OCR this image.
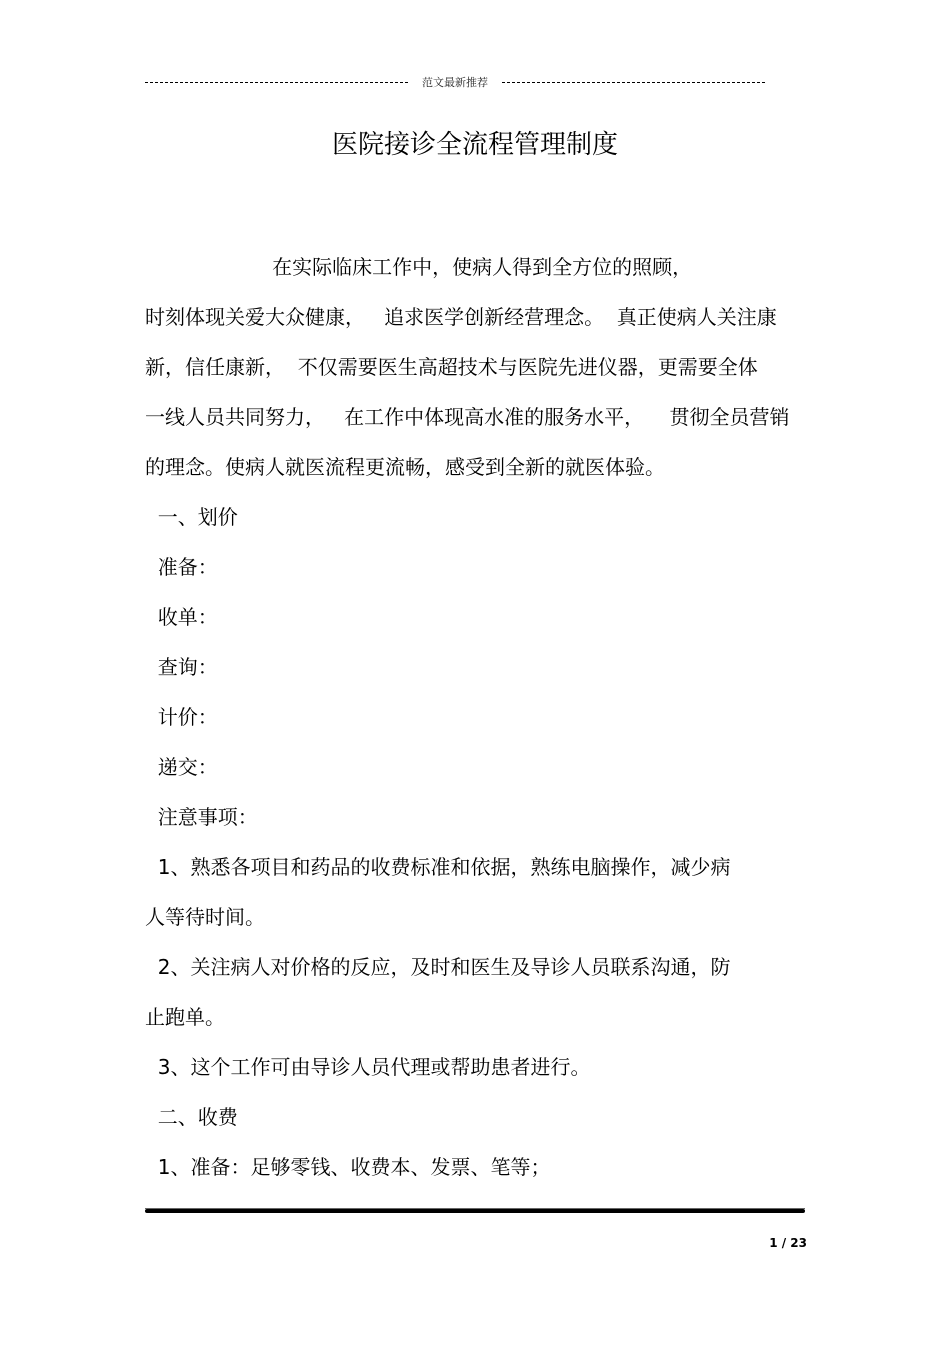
范文最新推荐
医院接诊全流程管理制度
在实际临床工作中，使病人得到全方位的照顾，
时刻体现关爱大众健康，   追求医学创新经营理念。  真正使病人关注康
新，信任康新，  不仅需要医生高超技术与医院先进仪器，更需要全体
一线人员共同努力，   在工作中体现高水准的服务水平，    贯彻全员营销
的理念。使病人就医流程更流畅，感受到全新的就医体验。
一、划价
准备：
收单：
查询：
计价：
递交：
注意事项：
1、熟悉各项目和药品的收费标准和依据，熟练电脑操作，减少病
人等待时间。
2、关注病人对价格的反应，及时和医生及导诊人员联系沟通，防
止跑单。
3、这个工作可由导诊人员代理或帮助患者进行。
二、收费
1、准备：足够零钱、收费本、发票、笔等；
1 / 23
